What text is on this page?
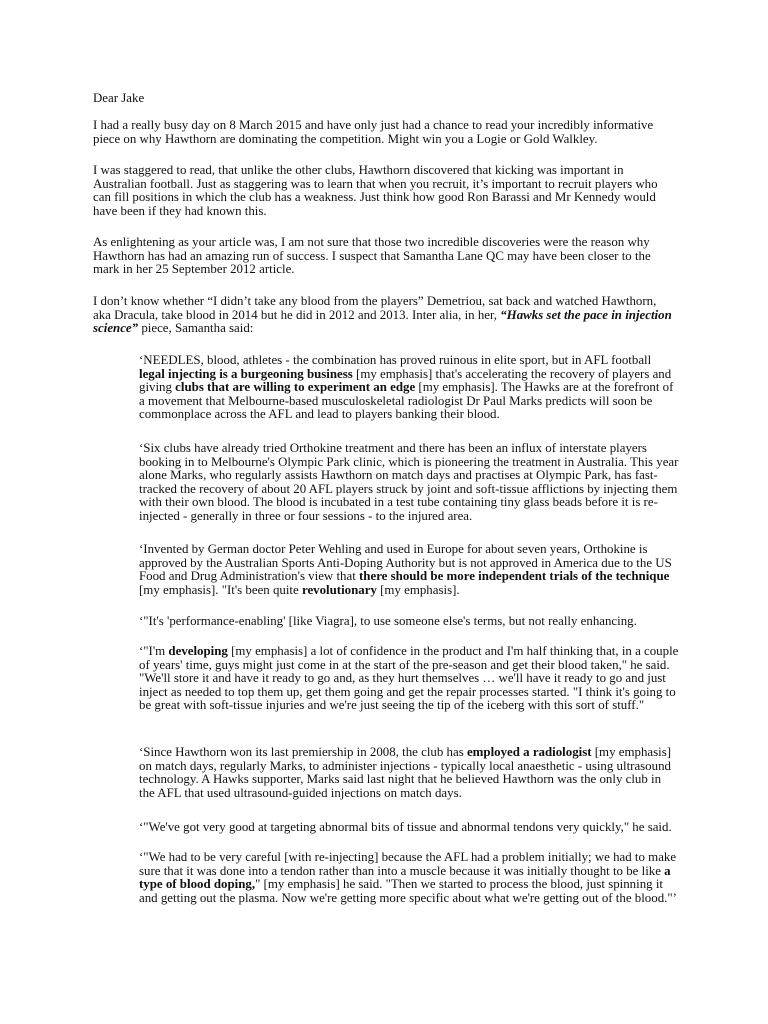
Dear Jake

I had a really busy day on 8 March 2015 and have only just had a chance to read your incredibly informative piece on why Hawthorn are dominating the competition. Might win you a Logie or Gold Walkley.

I was staggered to read, that unlike the other clubs, Hawthorn discovered that kicking was important in Australian football. Just as staggering was to learn that when you recruit, it’s important to recruit players who can fill positions in which the club has a weakness. Just think how good Ron Barassi and Mr Kennedy would have been if they had known this.

As enlightening as your article was, I am not sure that those two incredible discoveries were the reason why Hawthorn has had an amazing run of success. I suspect that Samantha Lane QC may have been closer to the mark in her 25 September 2012 article.

I don’t know whether “I didn’t take any blood from the players” Demetriou, sat back and watched Hawthorn, aka Dracula, take blood in 2014 but he did in 2012 and 2013. Inter alia, in her, “Hawks set the pace in injection science” piece, Samantha said:

‘NEEDLES, blood, athletes - the combination has proved ruinous in elite sport, but in AFL football legal injecting is a burgeoning business [my emphasis] that's accelerating the recovery of players and giving clubs that are willing to experiment an edge [my emphasis]. The Hawks are at the forefront of a movement that Melbourne-based musculoskeletal radiologist Dr Paul Marks predicts will soon be commonplace across the AFL and lead to players banking their blood.

‘Six clubs have already tried Orthokine treatment and there has been an influx of interstate players booking in to Melbourne's Olympic Park clinic, which is pioneering the treatment in Australia. This year alone Marks, who regularly assists Hawthorn on match days and practises at Olympic Park, has fast-tracked the recovery of about 20 AFL players struck by joint and soft-tissue afflictions by injecting them with their own blood. The blood is incubated in a test tube containing tiny glass beads before it is re-injected - generally in three or four sessions - to the injured area.

‘Invented by German doctor Peter Wehling and used in Europe for about seven years, Orthokine is approved by the Australian Sports Anti-Doping Authority but is not approved in America due to the US Food and Drug Administration's view that there should be more independent trials of the technique [my emphasis]. "It's been quite revolutionary [my emphasis].

‘"It's 'performance-enabling' [like Viagra], to use someone else's terms, but not really enhancing.

‘"I'm developing [my emphasis] a lot of confidence in the product and I'm half thinking that, in a couple of years' time, guys might just come in at the start of the pre-season and get their blood taken," he said. "We'll store it and have it ready to go and, as they hurt themselves … we'll have it ready to go and just inject as needed to top them up, get them going and get the repair processes started. "I think it's going to be great with soft-tissue injuries and we're just seeing the tip of the iceberg with this sort of stuff."

‘Since Hawthorn won its last premiership in 2008, the club has employed a radiologist [my emphasis] on match days, regularly Marks, to administer injections - typically local anaesthetic - using ultrasound technology. A Hawks supporter, Marks said last night that he believed Hawthorn was the only club in the AFL that used ultrasound-guided injections on match days.

‘"We've got very good at targeting abnormal bits of tissue and abnormal tendons very quickly," he said.

‘"We had to be very careful [with re-injecting] because the AFL had a problem initially; we had to make sure that it was done into a tendon rather than into a muscle because it was initially thought to be like a type of blood doping," [my emphasis] he said. "Then we started to process the blood, just spinning it and getting out the plasma. Now we're getting more specific about what we're getting out of the blood."’
